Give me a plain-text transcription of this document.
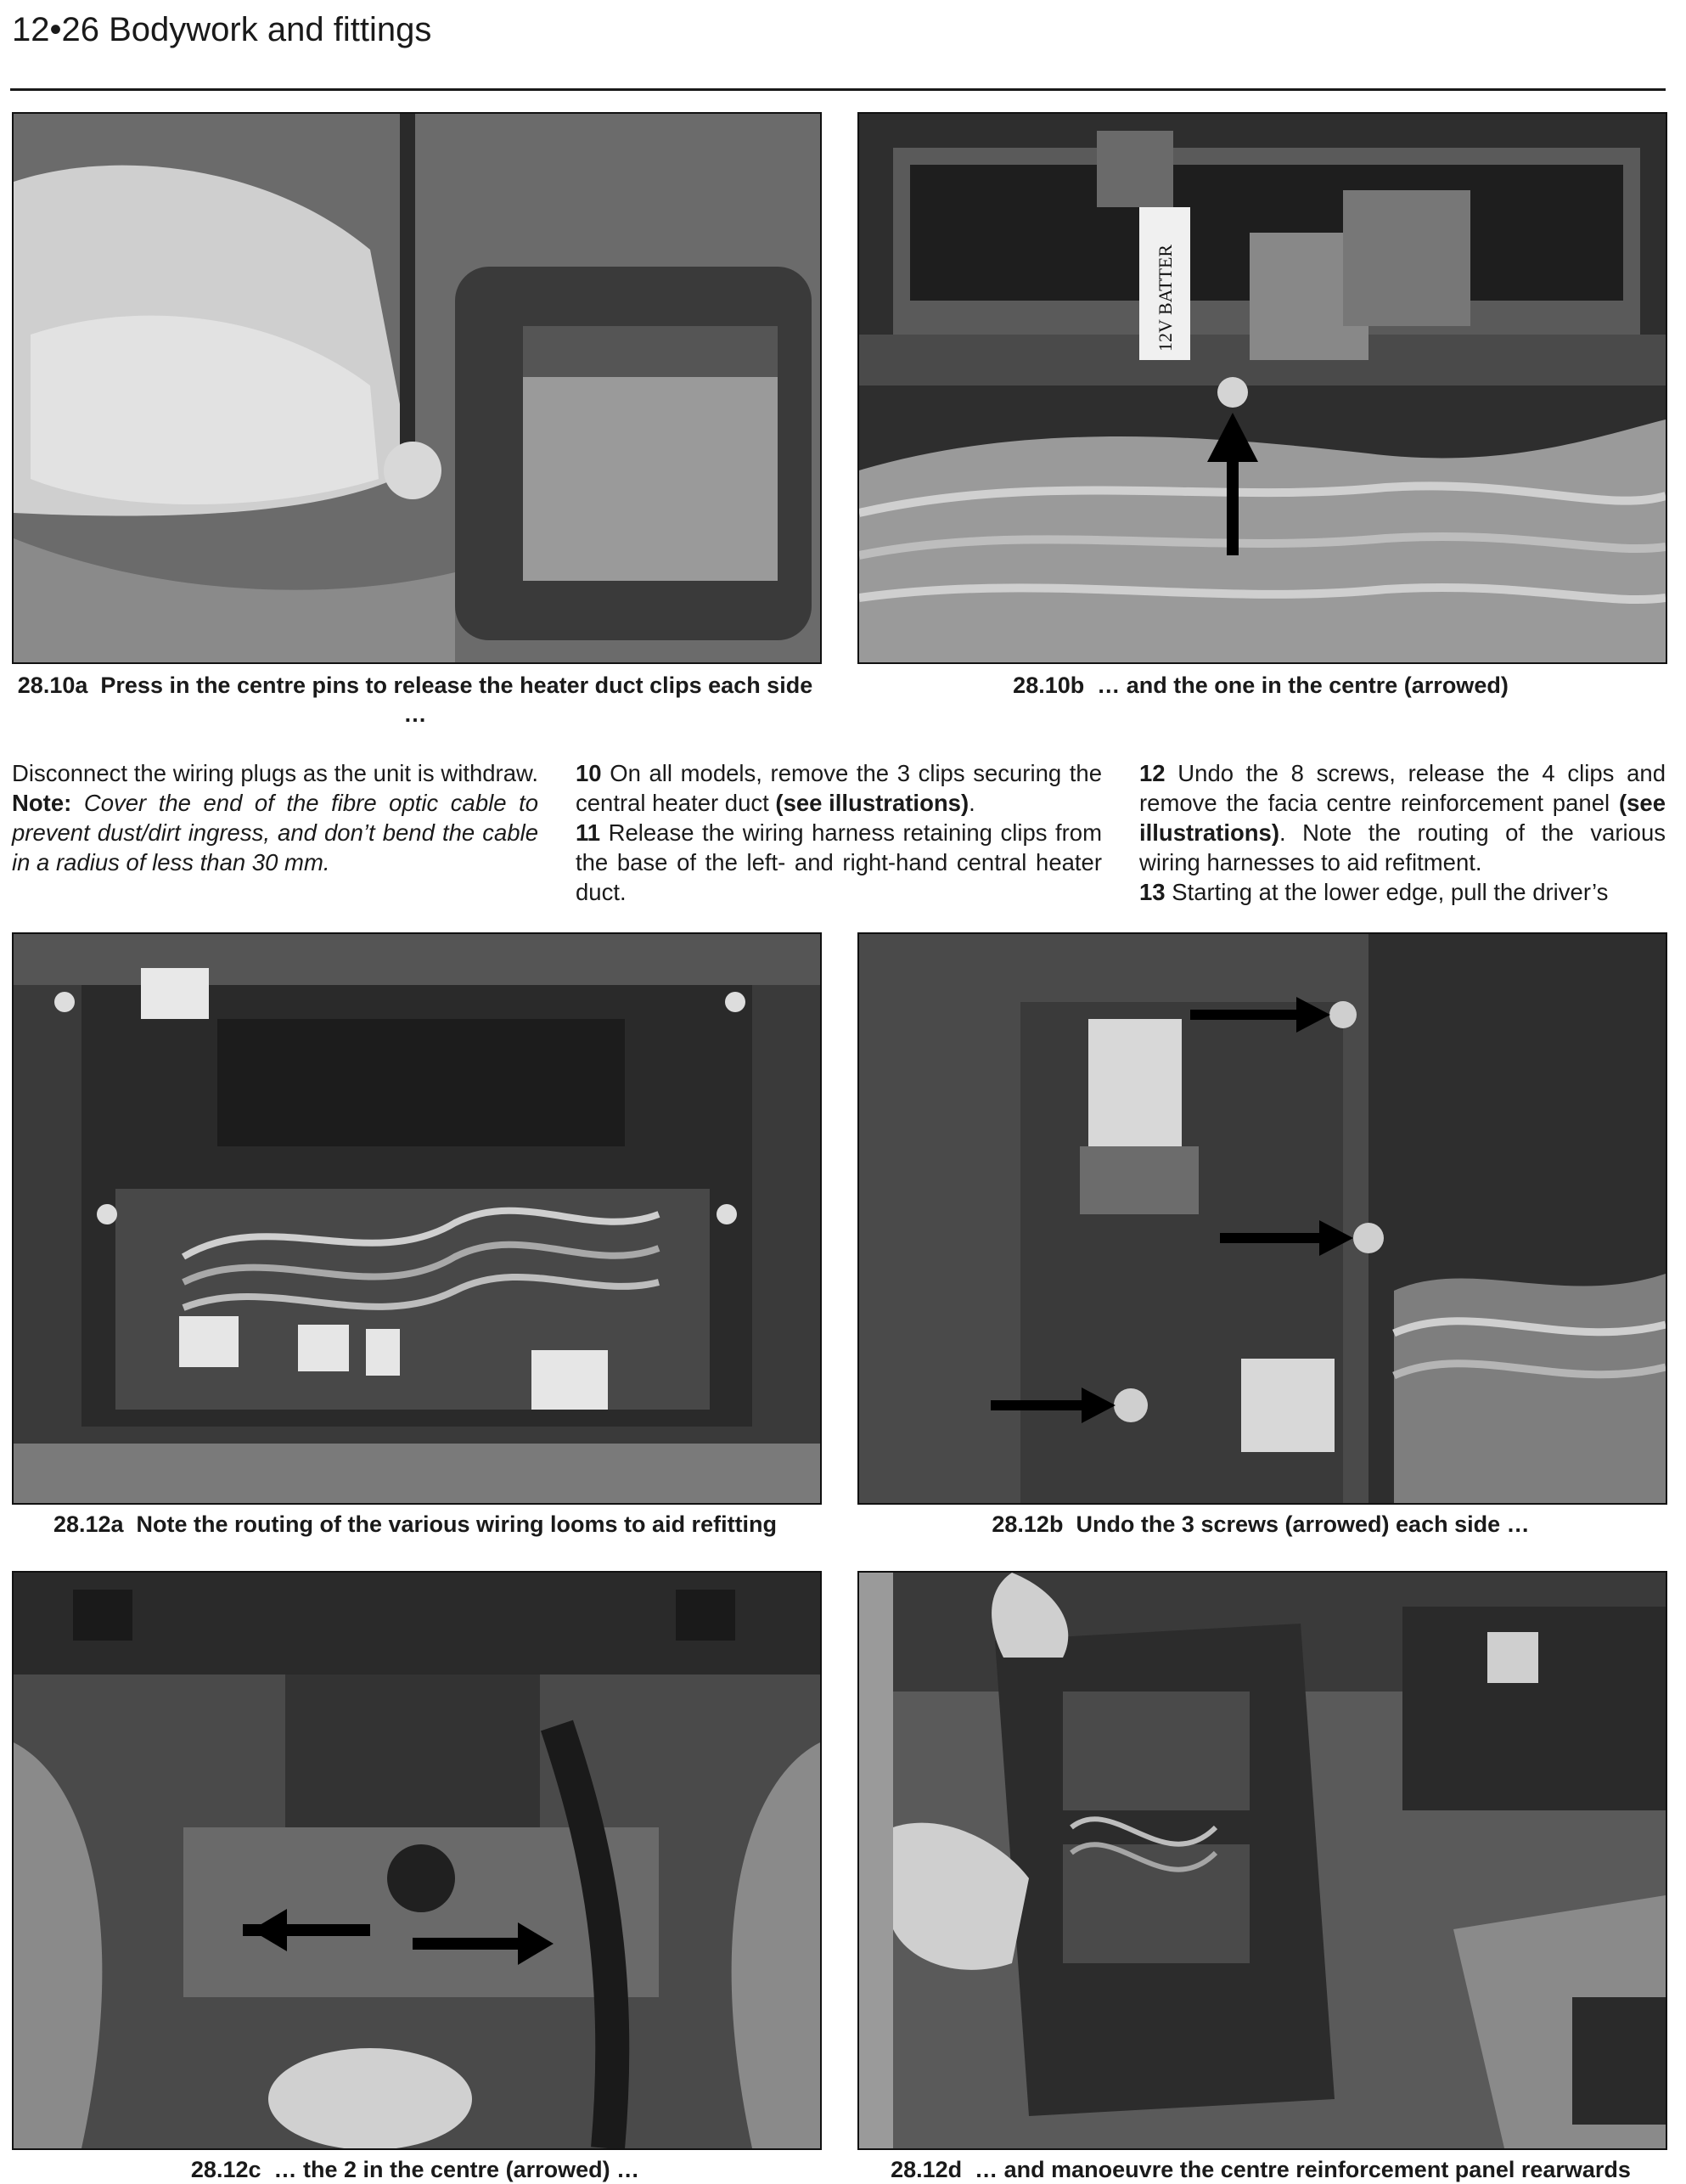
12•26 Bodywork and fittings
28.10a Press in the centre pins to release the heater duct clips each side …
12V BATTER
28.10b … and the one in the centre (arrowed)

Disconnect the wiring plugs as the unit is withdraw. Note: Cover the end of the fibre optic cable to prevent dust/dirt ingress, and don’t bend the cable in a radius of less than 30 mm.

10 On all models, remove the 3 clips securing the central heater duct (see illustrations).

11 Release the wiring harness retaining clips from the base of the left- and right-hand central heater duct.

12 Undo the 8 screws, release the 4 clips and remove the facia centre reinforcement panel (see illustrations). Note the routing of the various wiring harnesses to aid refitment.

13 Starting at the lower edge, pull the driver’s

28.12a Note the routing of the various wiring looms to aid refitting	28.12b Undo the 3 screws (arrowed) each side …
28.12c … the 2 in the centre (arrowed) …	28.12d … and manoeuvre the centre reinforcement panel rearwards
